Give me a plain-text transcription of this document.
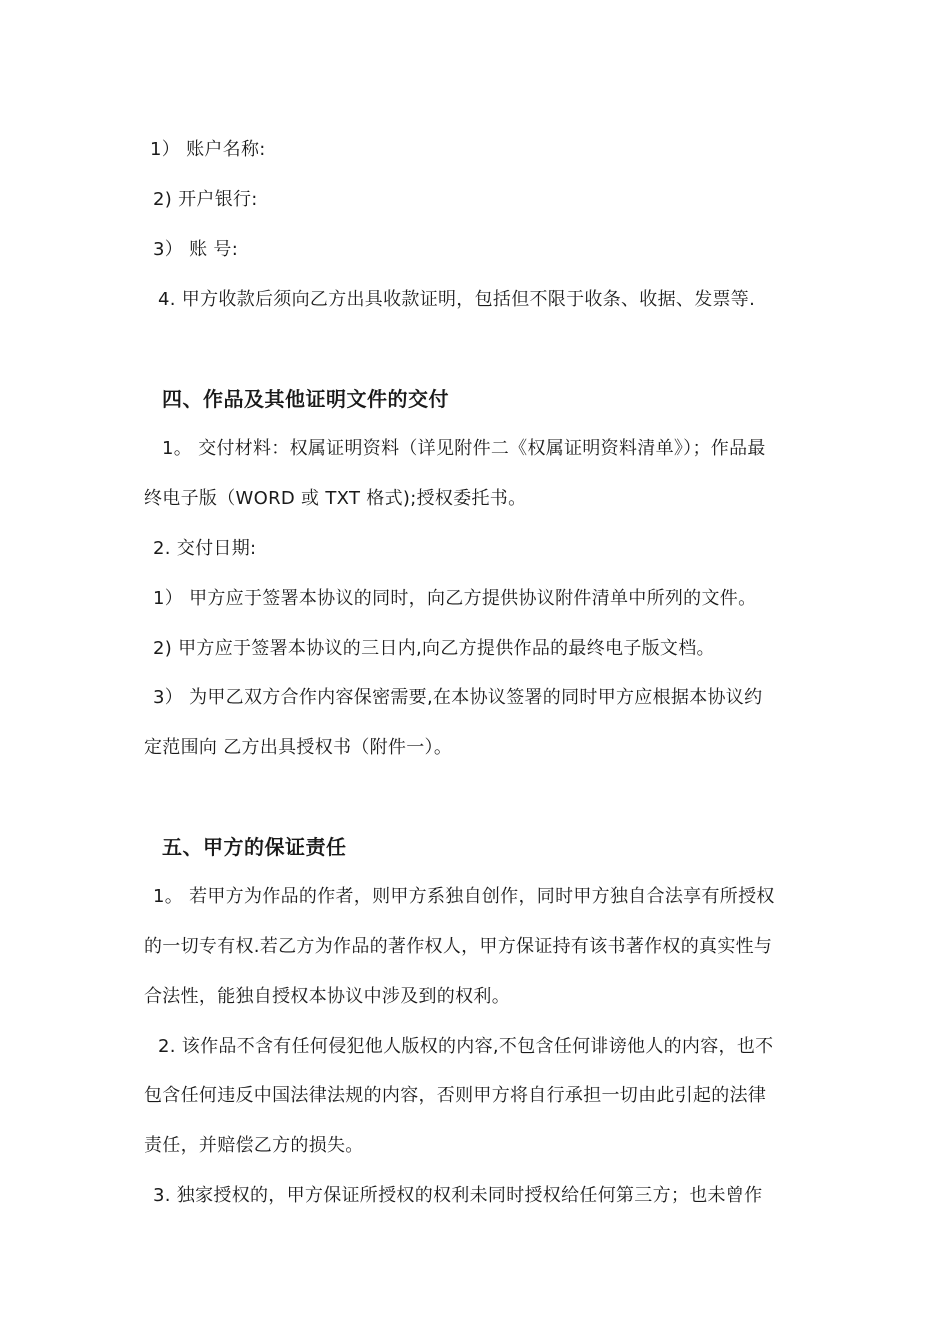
1） 账户名称:
2) 开户银行:
3） 账 号:
4. 甲方收款后须向乙方出具收款证明，包括但不限于收条、收据、发票等.
四、作品及其他证明文件的交付
1。 交付材料：权属证明资料（详见附件二《权属证明资料清单》）；作品最
终电子版（WORD 或 TXT 格式);授权委托书。
2. 交付日期:
1） 甲方应于签署本协议的同时，向乙方提供协议附件清单中所列的文件。
2) 甲方应于签署本协议的三日内,向乙方提供作品的最终电子版文档。
3） 为甲乙双方合作内容保密需要,在本协议签署的同时甲方应根据本协议约
定范围向 乙方出具授权书（附件一）。
五、甲方的保证责任
1。 若甲方为作品的作者，则甲方系独自创作，同时甲方独自合法享有所授权
的一切专有权.若乙方为作品的著作权人，甲方保证持有该书著作权的真实性与
合法性，能独自授权本协议中涉及到的权利。
2. 该作品不含有任何侵犯他人版权的内容,不包含任何诽谤他人的内容，也不
包含任何违反中国法律法规的内容，否则甲方将自行承担一切由此引起的法律
责任，并赔偿乙方的损失。
3. 独家授权的，甲方保证所授权的权利未同时授权给任何第三方；也未曾作
